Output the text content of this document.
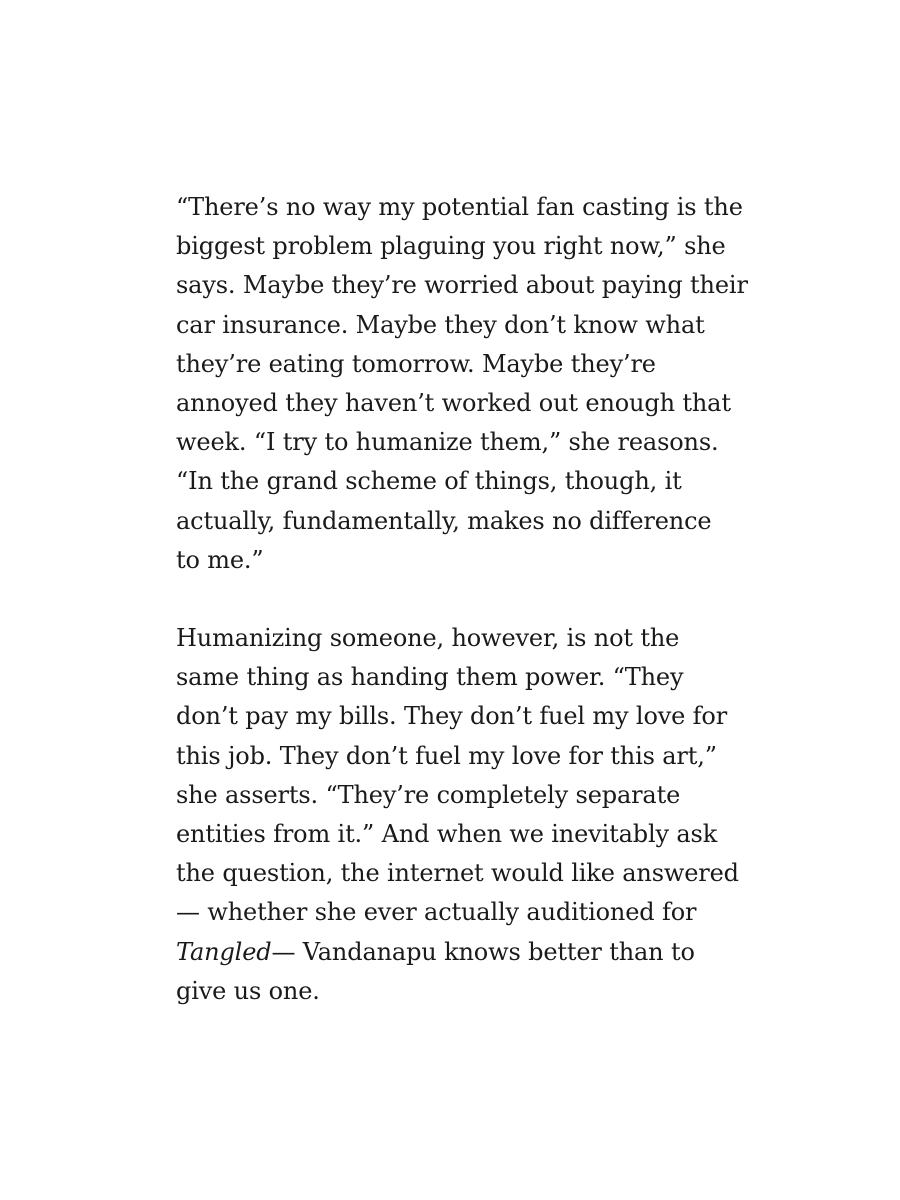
“There’s no way my potential fan casting is the
biggest problem plaguing you right now,” she
says. Maybe they’re worried about paying their
car insurance. Maybe they don’t know what
they’re eating tomorrow. Maybe they’re
annoyed they haven’t worked out enough that
week. “I try to humanize them,” she reasons.
“In the grand scheme of things, though, it
actually, fundamentally, makes no difference
to me.”

Humanizing someone, however, is not the
same thing as handing them power. “They
don’t pay my bills. They don’t fuel my love for
this job. They don’t fuel my love for this art,”
she asserts. “They’re completely separate
entities from it.” And when we inevitably ask
the question, the internet would like answered
— whether she ever actually auditioned for
Tangled— Vandanapu knows better than to
give us one.
